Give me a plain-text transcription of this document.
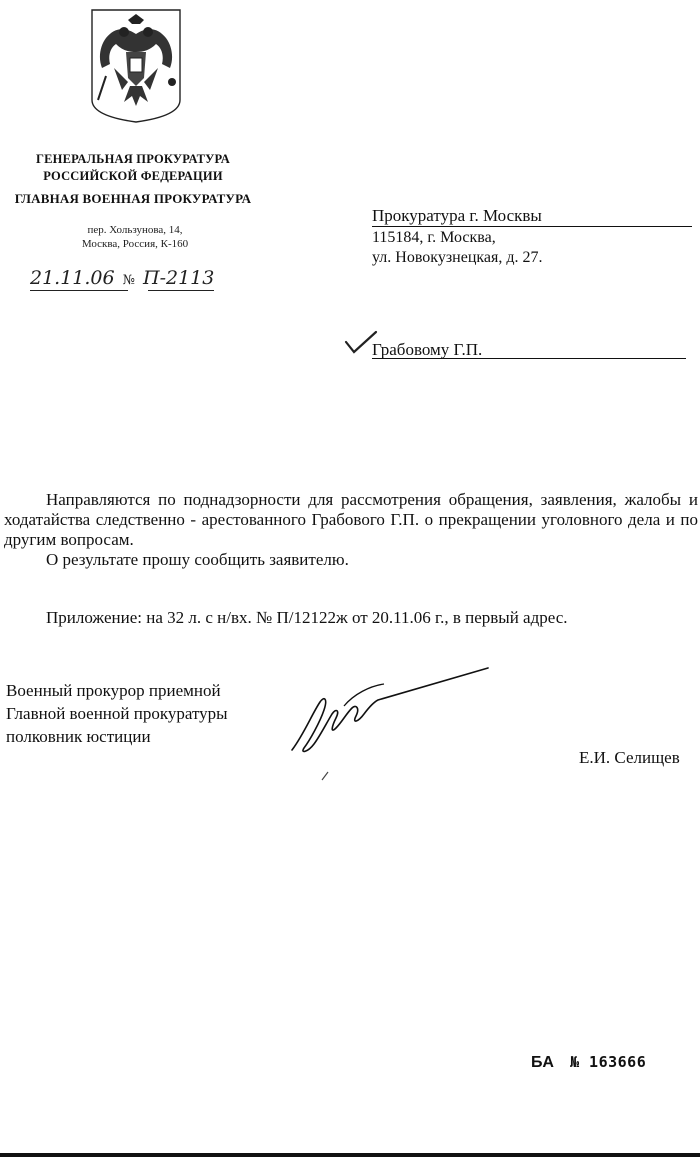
ГЕНЕРАЛЬНАЯ ПРОКУРАТУРА
РОССИЙСКОЙ ФЕДЕРАЦИИ
ГЛАВНАЯ ВОЕННАЯ ПРОКУРАТУРА
пер. Хользунова, 14,
Москва, Россия, К-160
21.11.06 № П-2113
Прокуратура г. Москвы
115184, г. Москва,
ул. Новокузнецкая, д. 27.
Грабовому Г.П.

Направляются по поднадзорности для рассмотрения обращения, заявления, жалобы и ходатайства следственно - арестованного Грабового Г.П. о прекращении уголовного дела и по другим вопросам.

О результате прошу сообщить заявителю.

Приложение: на 32 л. с н/вх. № П/12122ж от 20.11.06 г., в первый адрес.

Военный прокурор приемной
Главной военной прокуратуры
полковник юстиции
Е.И. Селищев
БА № 163666
